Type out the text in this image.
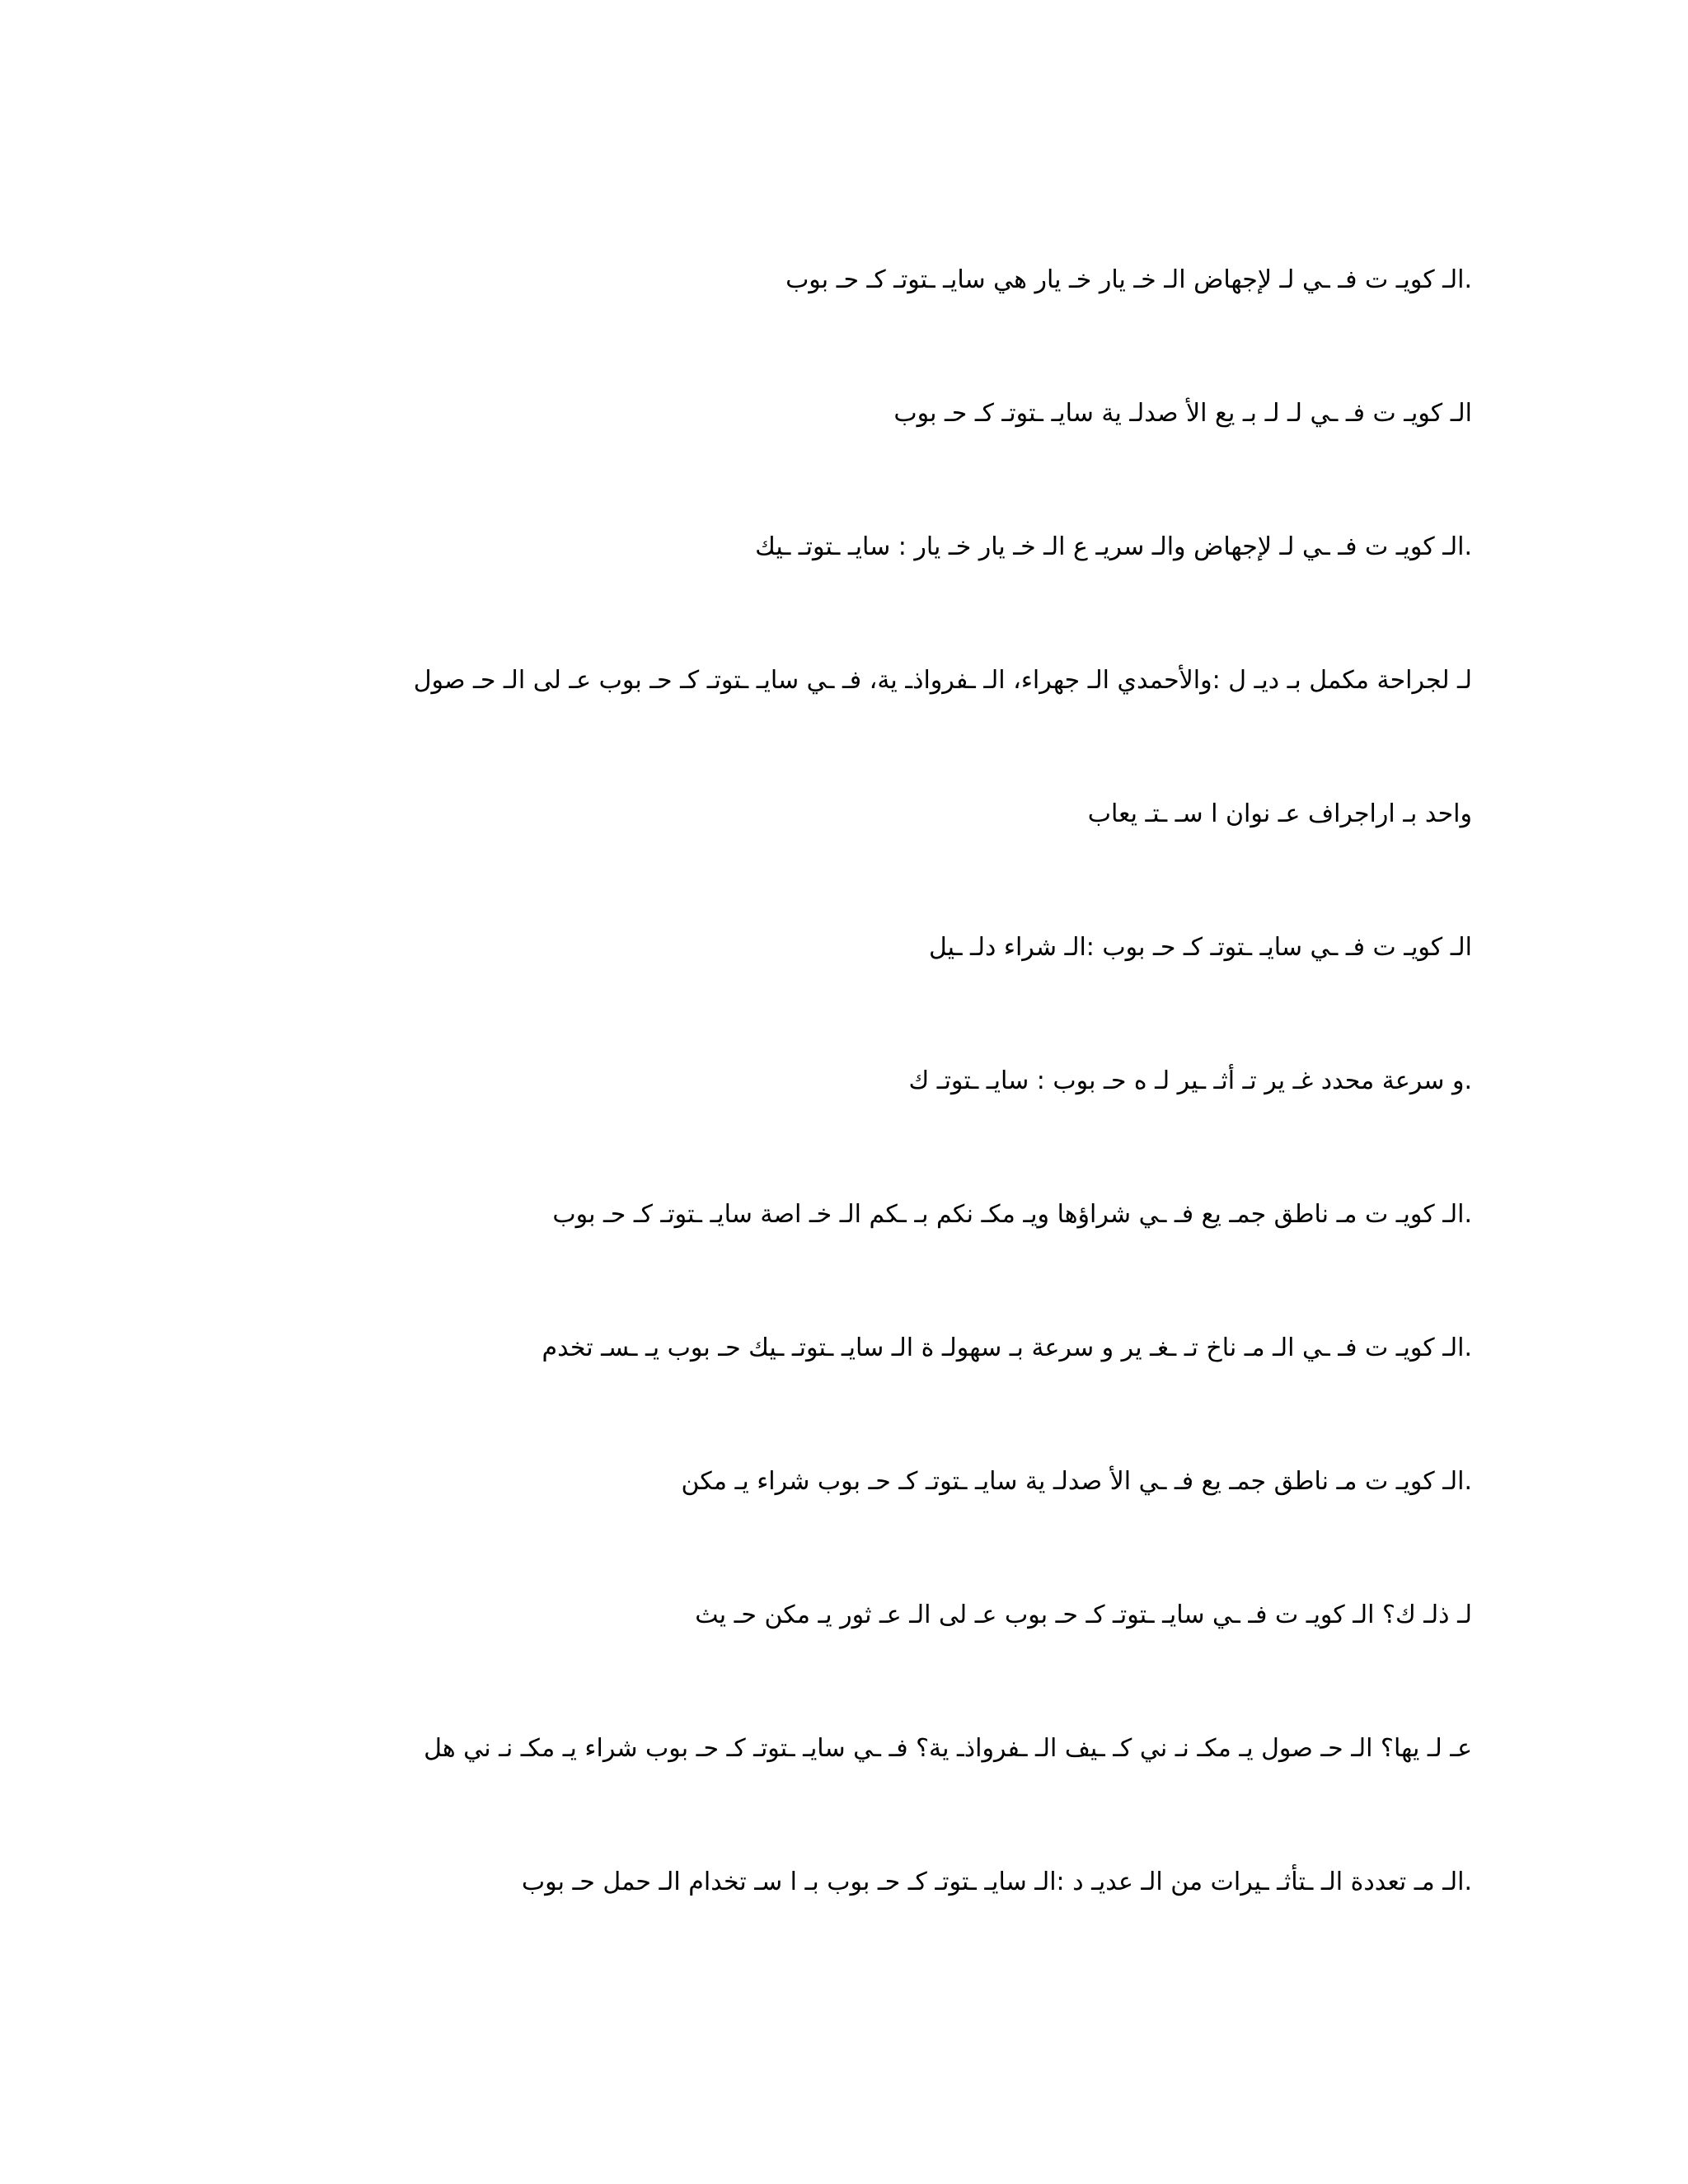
.الـ كويـ ت فـ ـي لـ لإجهاض الـ خـ يار خـ يار هي سايـ ـتوتـ كـ حـ بوب
الـ كويـ ت فـ ـي لـ لـ بـ يع الأ صدلـ ية سايـ ـتوتـ كـ حـ بوب
.الـ كويـ ت فـ ـي لـ لإجهاض والـ سريـ ع الـ خـ يار خـ يار : سايـ ـتوتـ ـيك
لـ لجراحة مكمل بـ ديـ ل :والأحمدي الـ جهراء، الـ ـفرواذـ ية، فـ ـي سايـ ـتوتـ كـ حـ بوب عـ لى الـ حـ صول
واحد بـ اراجراف عـ نوان ا سـ ـتـ يعاب
الـ كويـ ت فـ ـي سايـ ـتوتـ كـ حـ بوب :الـ شراء دلـ ـيل
.و سرعة محدد غـ ير تـ أثـ ـير لـ ه حـ بوب : سايـ ـتوتـ ك
.الـ كويـ ت مـ ناطق جمـ يع فـ ـي شراؤها ويـ مكـ نكم بـ ـكم الـ خـ اصة سايـ ـتوتـ كـ حـ بوب
.الـ كويـ ت فـ ـي الـ مـ ناخ تـ ـغـ ير و سرعة بـ سهولـ ة الـ سايـ ـتوتـ ـيك حـ بوب يـ ـسـ تخدم
.الـ كويـ ت مـ ناطق جمـ يع فـ ـي الأ صدلـ ية سايـ ـتوتـ كـ حـ بوب شراء يـ مكن
لـ ذلـ ك؟ الـ كويـ ت فـ ـي سايـ ـتوتـ كـ حـ بوب عـ لى الـ عـ ثور يـ مكن حـ يث
عـ لـ يها؟ الـ حـ صول يـ مكـ نـ ني كـ ـيف الـ ـفرواذـ ية؟ فـ ـي سايـ ـتوتـ كـ حـ بوب شراء يـ مكـ نـ ني هل
.الـ مـ تعددة الـ ـتأثـ ـيرات من الـ عديـ د :الـ سايـ ـتوتـ كـ حـ بوب بـ ا سـ تخدام الـ حمل حـ بوب
